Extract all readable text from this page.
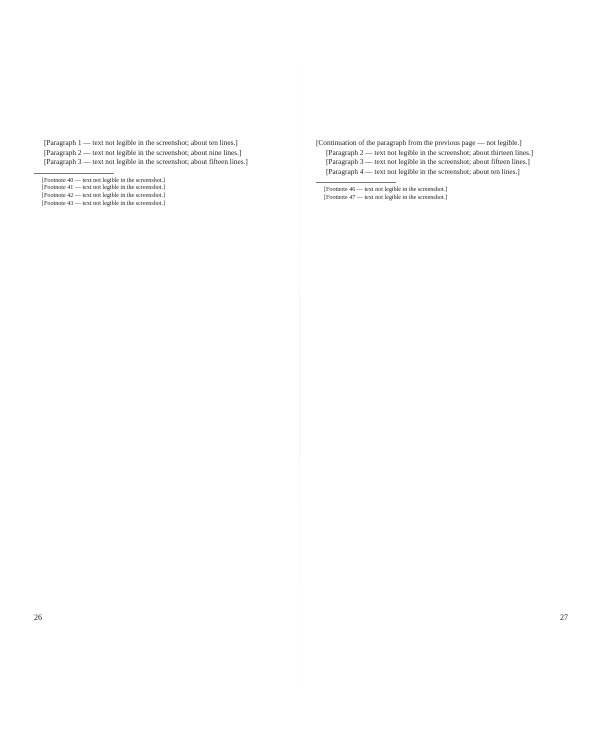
[Paragraph 1 — text not legible in the screenshot; about ten lines.]

[Paragraph 2 — text not legible in the screenshot; about nine lines.]

[Paragraph 3 — text not legible in the screenshot; about fifteen lines.]

[Footnote 40 — text not legible in the screenshot.]

[Footnote 41 — text not legible in the screenshot.]

[Footnote 42 — text not legible in the screenshot.]

[Footnote 43 — text not legible in the screenshot.]

26

[Continuation of the paragraph from the previous page — not legible.]

[Paragraph 2 — text not legible in the screenshot; about thirteen lines.]

[Paragraph 3 — text not legible in the screenshot; about fifteen lines.]

[Paragraph 4 — text not legible in the screenshot; about ten lines.]

[Footnote 46 — text not legible in the screenshot.]

[Footnote 47 — text not legible in the screenshot.]

27
